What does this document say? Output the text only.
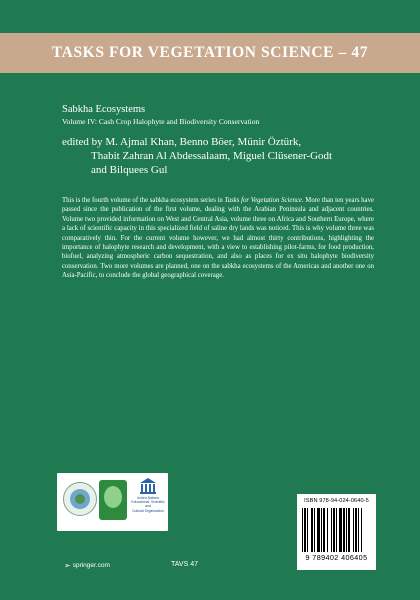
TASKS FOR VEGETATION SCIENCE – 47
Sabkha Ecosystems
Volume IV: Cash Crop Halophyte and Biodiversity Conservation
edited by M. Ajmal Khan, Benno Böer, Münir Öztürk,
Thabit Zahran Al Abdessalaam, Miguel Clüsener-Godt
and Bilquees Gul
This is the fourth volume of the sabkha ecosystem series in Tasks for Vegetation Science. More than ten years have passed since the publication of the first volume, dealing with the Arabian Peninsula and adjacent countries. Volume two provided information on West and Central Asia, volume three on Africa and Southern Europe, where a lack of scientific capacity in this specialized field of saline dry lands was noticed. This is why volume three was comparatively thin. For the current volume however, we had almost thirty contributions, highlighting the importance of halophyte research and development, with a view to establishing pilot-farms, for food production, biofuel, analyzing atmospheric carbon sequestration, and also as places for ex situ halophyte biodiversity conservation. Two more volumes are planned, one on the sabkha ecosystems of the Americas and another one on Asia-Pacific, to conclude the global geographical coverage.
United Nations
Educational, Scientific and
Cultural Organization
➢ springer.com	TAVS 47
ISBN 978-94-024-0640-5
9 789402 406405
